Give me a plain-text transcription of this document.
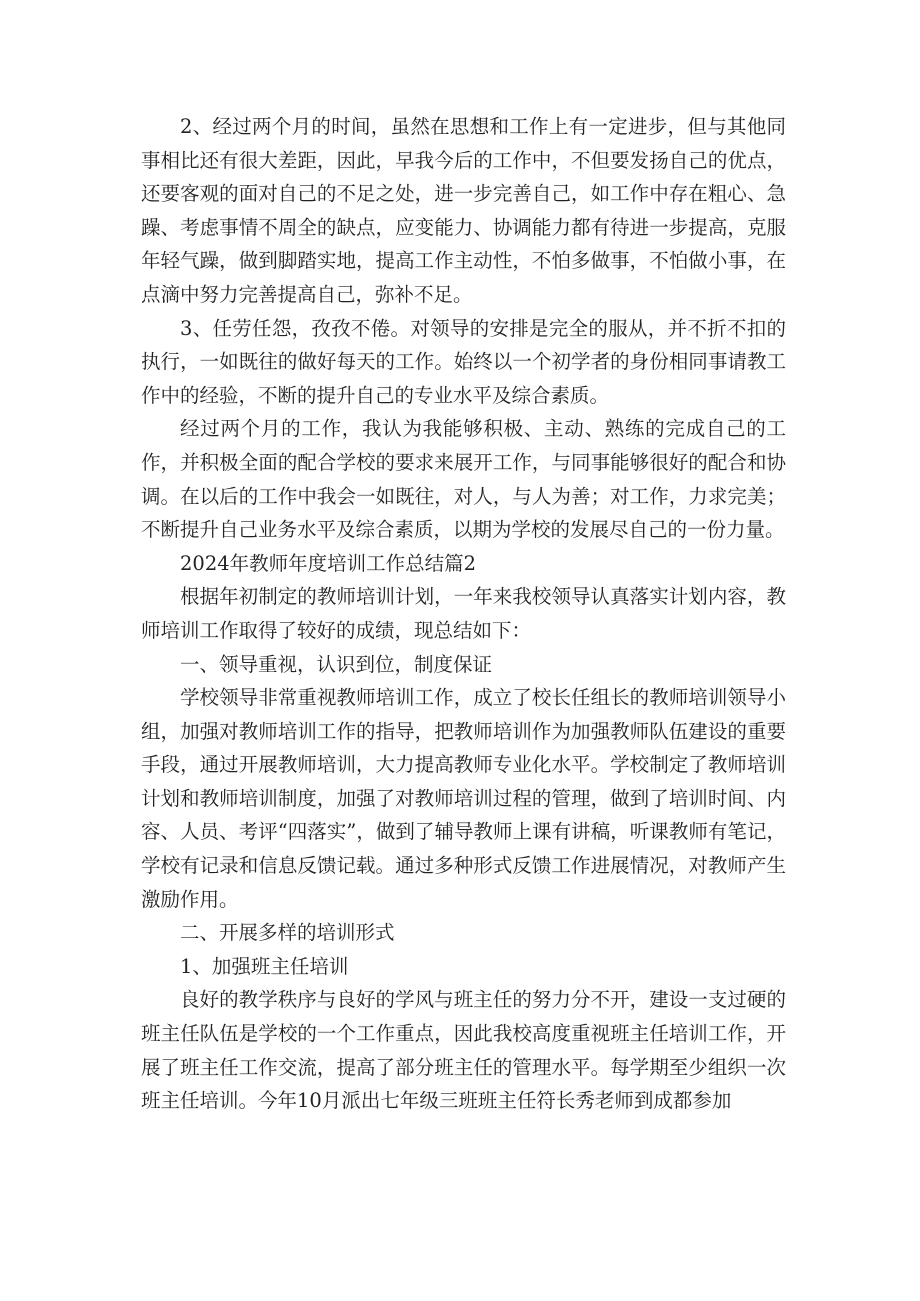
2、经过两个月的时间，虽然在思想和工作上有一定进步，但与其他同事相比还有很大差距，因此，早我今后的工作中，不但要发扬自己的优点，还要客观的面对自己的不足之处，进一步完善自己，如工作中存在粗心、急躁、考虑事情不周全的缺点，应变能力、协调能力都有待进一步提高，克服年轻气躁，做到脚踏实地，提高工作主动性，不怕多做事，不怕做小事，在点滴中努力完善提高自己，弥补不足。

3、任劳任怨，孜孜不倦。对领导的安排是完全的服从，并不折不扣的执行，一如既往的做好每天的工作。始终以一个初学者的身份相同事请教工作中的经验，不断的提升自己的专业水平及综合素质。

经过两个月的工作，我认为我能够积极、主动、熟练的完成自己的工作，并积极全面的配合学校的要求来展开工作，与同事能够很好的配合和协调。在以后的工作中我会一如既往，对人，与人为善；对工作，力求完美；不断提升自己业务水平及综合素质，以期为学校的发展尽自己的一份力量。

2024年教师年度培训工作总结篇2

根据年初制定的教师培训计划，一年来我校领导认真落实计划内容，教师培训工作取得了较好的成绩，现总结如下：

一、领导重视，认识到位，制度保证

学校领导非常重视教师培训工作，成立了校长任组长的教师培训领导小组，加强对教师培训工作的指导，把教师培训作为加强教师队伍建设的重要手段，通过开展教师培训，大力提高教师专业化水平。学校制定了教师培训计划和教师培训制度，加强了对教师培训过程的管理，做到了培训时间、内容、人员、考评“四落实”，做到了辅导教师上课有讲稿，听课教师有笔记，学校有记录和信息反馈记载。通过多种形式反馈工作进展情况，对教师产生激励作用。

二、开展多样的培训形式

1、加强班主任培训

良好的教学秩序与良好的学风与班主任的努力分不开，建设一支过硬的班主任队伍是学校的一个工作重点，因此我校高度重视班主任培训工作，开展了班主任工作交流，提高了部分班主任的管理水平。每学期至少组织一次班主任培训。今年10月派出七年级三班班主任符长秀老师到成都参加
